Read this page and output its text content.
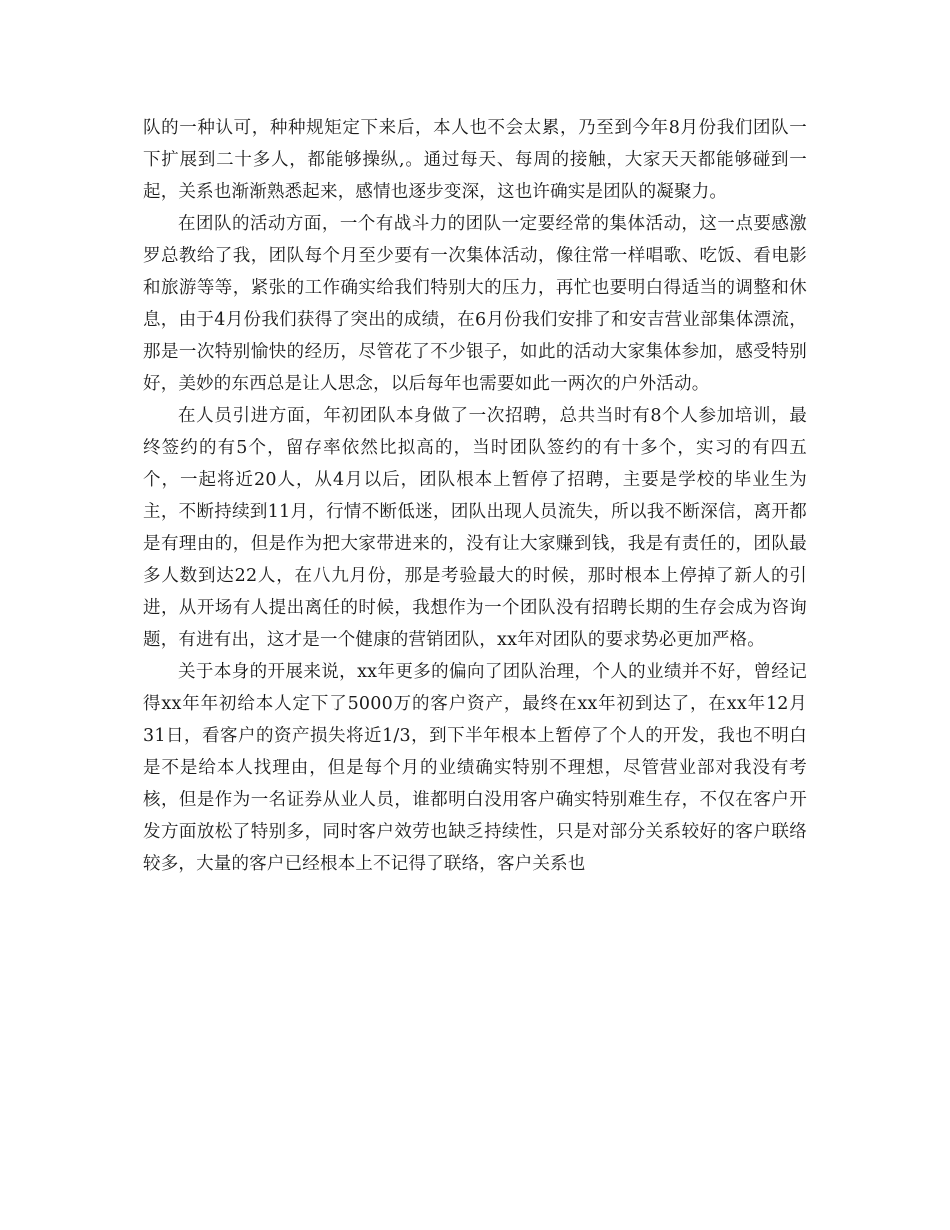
队的一种认可，种种规矩定下来后，本人也不会太累，乃至到今年8月份我们团队一下扩展到二十多人，都能够操纵,。通过每天、每周的接触，大家天天都能够碰到一起，关系也渐渐熟悉起来，感情也逐步变深，这也许确实是团队的凝聚力。

在团队的活动方面，一个有战斗力的团队一定要经常的集体活动，这一点要感激罗总教给了我，团队每个月至少要有一次集体活动，像往常一样唱歌、吃饭、看电影和旅游等等，紧张的工作确实给我们特别大的压力，再忙也要明白得适当的调整和休息，由于4月份我们获得了突出的成绩，在6月份我们安排了和安吉营业部集体漂流，那是一次特别愉快的经历，尽管花了不少银子，如此的活动大家集体参加，感受特别好，美妙的东西总是让人思念，以后每年也需要如此一两次的户外活动。

在人员引进方面，年初团队本身做了一次招聘，总共当时有8个人参加培训，最终签约的有5个，留存率依然比拟高的，当时团队签约的有十多个，实习的有四五个，一起将近20人，从4月以后，团队根本上暂停了招聘，主要是学校的毕业生为主，不断持续到11月，行情不断低迷，团队出现人员流失，所以我不断深信，离开都是有理由的，但是作为把大家带进来的，没有让大家赚到钱，我是有责任的，团队最多人数到达22人，在八九月份，那是考验最大的时候，那时根本上停掉了新人的引进，从开场有人提出离任的时候，我想作为一个团队没有招聘长期的生存会成为咨询题，有进有出，这才是一个健康的营销团队，xx年对团队的要求势必更加严格。

关于本身的开展来说，xx年更多的偏向了团队治理，个人的业绩并不好，曾经记得xx年年初给本人定下了5000万的客户资产，最终在xx年初到达了，在xx年12月31日，看客户的资产损失将近1/3，到下半年根本上暂停了个人的开发，我也不明白是不是给本人找理由，但是每个月的业绩确实特别不理想，尽管营业部对我没有考核，但是作为一名证券从业人员，谁都明白没用客户确实特别难生存，不仅在客户开发方面放松了特别多，同时客户效劳也缺乏持续性，只是对部分关系较好的客户联络较多，大量的客户已经根本上不记得了联络，客户关系也
